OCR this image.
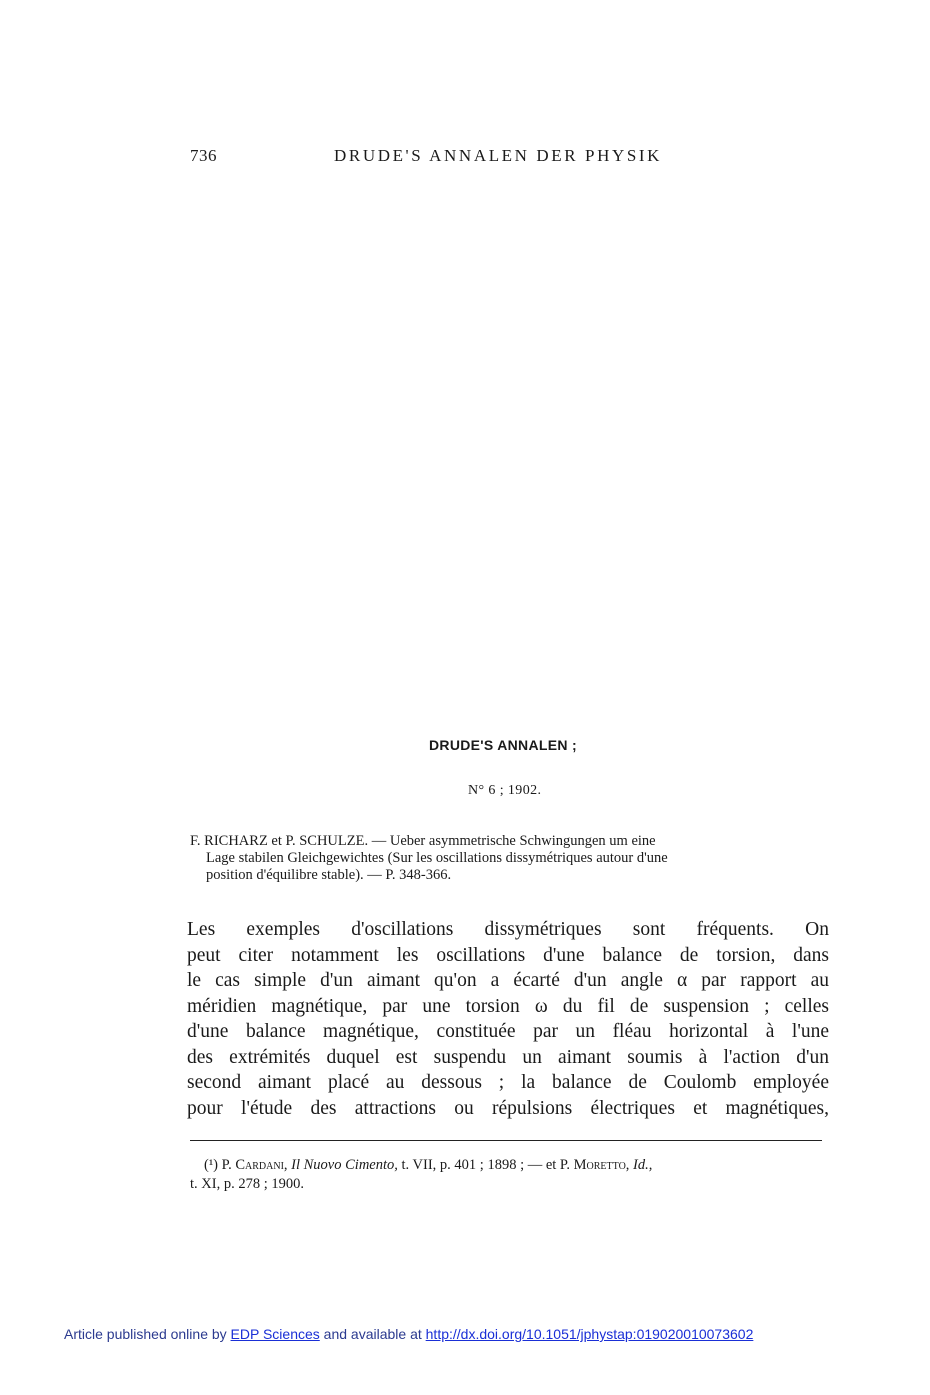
736	DRUDE'S ANNALEN DER PHYSIK
DRUDE'S ANNALEN ;
N° 6 ; 1902.
F. RICHARZ et P. SCHULZE. — Ueber asymmetrische Schwingungen um eine
Lage stabilen Gleichgewichtes (Sur les oscillations dissymétriques autour d'une
position d'équilibre stable). — P. 348-366.
Les exemples d'oscillations dissymétriques sont fréquents. On
peut citer notamment les oscillations d'une balance de torsion, dans
le cas simple d'un aimant qu'on a écarté d'un angle α par rapport au
méridien magnétique, par une torsion ω du fil de suspension ; celles
d'une balance magnétique, constituée par un fléau horizontal à l'une
des extrémités duquel est suspendu un aimant soumis à l'action d'un
second aimant placé au dessous ; la balance de Coulomb employée
pour l'étude des attractions ou répulsions électriques et magnétiques,
(¹) P. Cardani, Il Nuovo Cimento, t. VII, p. 401 ; 1898 ; — et P. Moretto, Id.,
t. XI, p. 278 ; 1900.
Article published online by EDP Sciences and available at http://dx.doi.org/10.1051/jphystap:019020010073602
